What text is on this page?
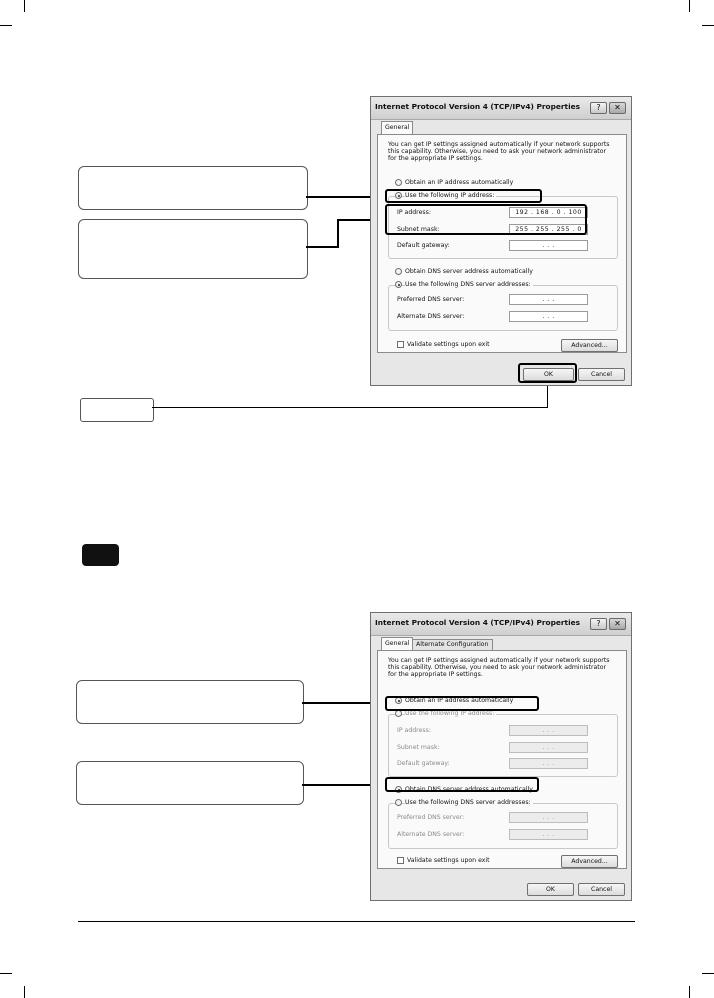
Internet Protocol Version 4 (TCP/IPv4) Properties	?	✕
General
You can get IP settings assigned automatically if your network supports
this capability. Otherwise, you need to ask your network administrator
for the appropriate IP settings.
Obtain an IP address automatically
Use the following IP address:
IP address:	192 . 168 . 0 . 100
Subnet mask:	255 . 255 . 255 . 0
Default gateway:	. . .
Obtain DNS server address automatically
Use the following DNS server addresses:
Preferred DNS server:	. . .
Alternate DNS server:	. . .
Validate settings upon exit	Advanced...
OK	Cancel
Internet Protocol Version 4 (TCP/IPv4) Properties	?	✕
General	Alternate Configuration
You can get IP settings assigned automatically if your network supports
this capability. Otherwise, you need to ask your network administrator
for the appropriate IP settings.
Obtain an IP address automatically
Use the following IP address:
IP address:	. . .
Subnet mask:	. . .
Default gateway:	. . .
Obtain DNS server address automatically
Use the following DNS server addresses:
Preferred DNS server:	. . .
Alternate DNS server:	. . .
Validate settings upon exit	Advanced...
OK	Cancel
